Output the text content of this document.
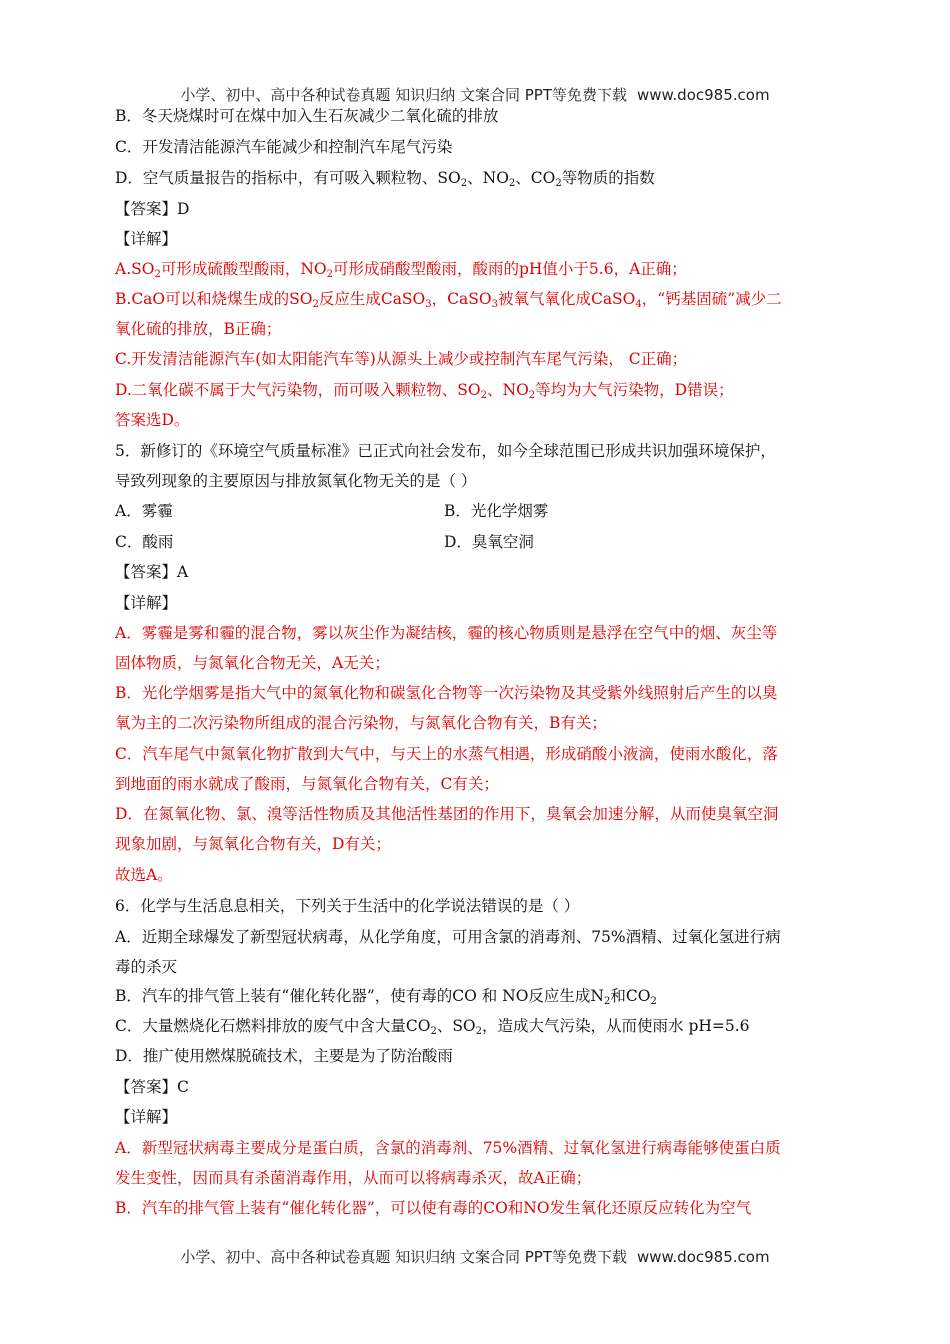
小学、初中、高中各种试卷真题 知识归纳 文案合同 PPT等免费下载 www.doc985.com
B．冬天烧煤时可在煤中加入生石灰减少二氧化硫的排放
C．开发清洁能源汽车能减少和控制汽车尾气污染
D．空气质量报告的指标中，有可吸入颗粒物、$SO_2$、$NO_2$、$CO_2$等物质的指数
【答案】D
【详解】
$A.SO_2$可形成硫酸型酸雨，$NO_2$可形成硝酸型酸雨，酸雨的pH值小于5.6，A正确；
B.CaO可以和烧煤生成的$SO_2$反应生成CaSO$_3$，CaSO$_3$被氧气氧化成CaSO$_4$，“钙基固硫”减少二
氧化硫的排放，B正确；
C.开发清洁能源汽车(如太阳能汽车等)从源头上减少或控制汽车尾气污染， C正确；
D.二氧化碳不属于大气污染物，而可吸入颗粒物、$SO_2$、$NO_2$等均为大气污染物，D错误；
答案选D。
5．新修订的《环境空气质量标准》已正式向社会发布，如今全球范围已形成共识加强环境保护，
导致列现象的主要原因与排放氮氧化物无关的是（ ）
A．雾霾	B．光化学烟雾
C．酸雨	D．臭氧空洞
【答案】A
【详解】
A．雾霾是雾和霾的混合物，雾以灰尘作为凝结核，霾的核心物质则是悬浮在空气中的烟、灰尘等
固体物质，与氮氧化合物无关，A无关；
B．光化学烟雾是指大气中的氮氧化物和碳氢化合物等一次污染物及其受紫外线照射后产生的以臭
氧为主的二次污染物所组成的混合污染物，与氮氧化合物有关，B有关；
C．汽车尾气中氮氧化物扩散到大气中，与天上的水蒸气相遇，形成硝酸小液滴，使雨水酸化，落
到地面的雨水就成了酸雨，与氮氧化合物有关，C有关；
D．在氮氧化物、氯、溴等活性物质及其他活性基团的作用下，臭氧会加速分解，从而使臭氧空洞
现象加剧，与氮氧化合物有关，D有关；
故选A。
6．化学与生活息息相关，下列关于生活中的化学说法错误的是（ ）
A．近期全球爆发了新型冠状病毒，从化学角度，可用含氯的消毒剂、75%酒精、过氧化氢进行病
毒的杀灭
B．汽车的排气管上装有“催化转化器”，使有毒的CO 和 NO反应生成$N_2$和$CO_2$
C．大量燃烧化石燃料排放的废气中含大量$CO_2$、$SO_2$，造成大气污染，从而使雨水 pH=5.6
D．推广使用燃煤脱硫技术，主要是为了防治酸雨
【答案】C
【详解】
A．新型冠状病毒主要成分是蛋白质，含氯的消毒剂、75%酒精、过氧化氢进行病毒能够使蛋白质
发生变性，因而具有杀菌消毒作用，从而可以将病毒杀灭，故A正确；
B．汽车的排气管上装有“催化转化器”，可以使有毒的CO和NO发生氧化还原反应转化为空气
小学、初中、高中各种试卷真题 知识归纳 文案合同 PPT等免费下载 www.doc985.com
